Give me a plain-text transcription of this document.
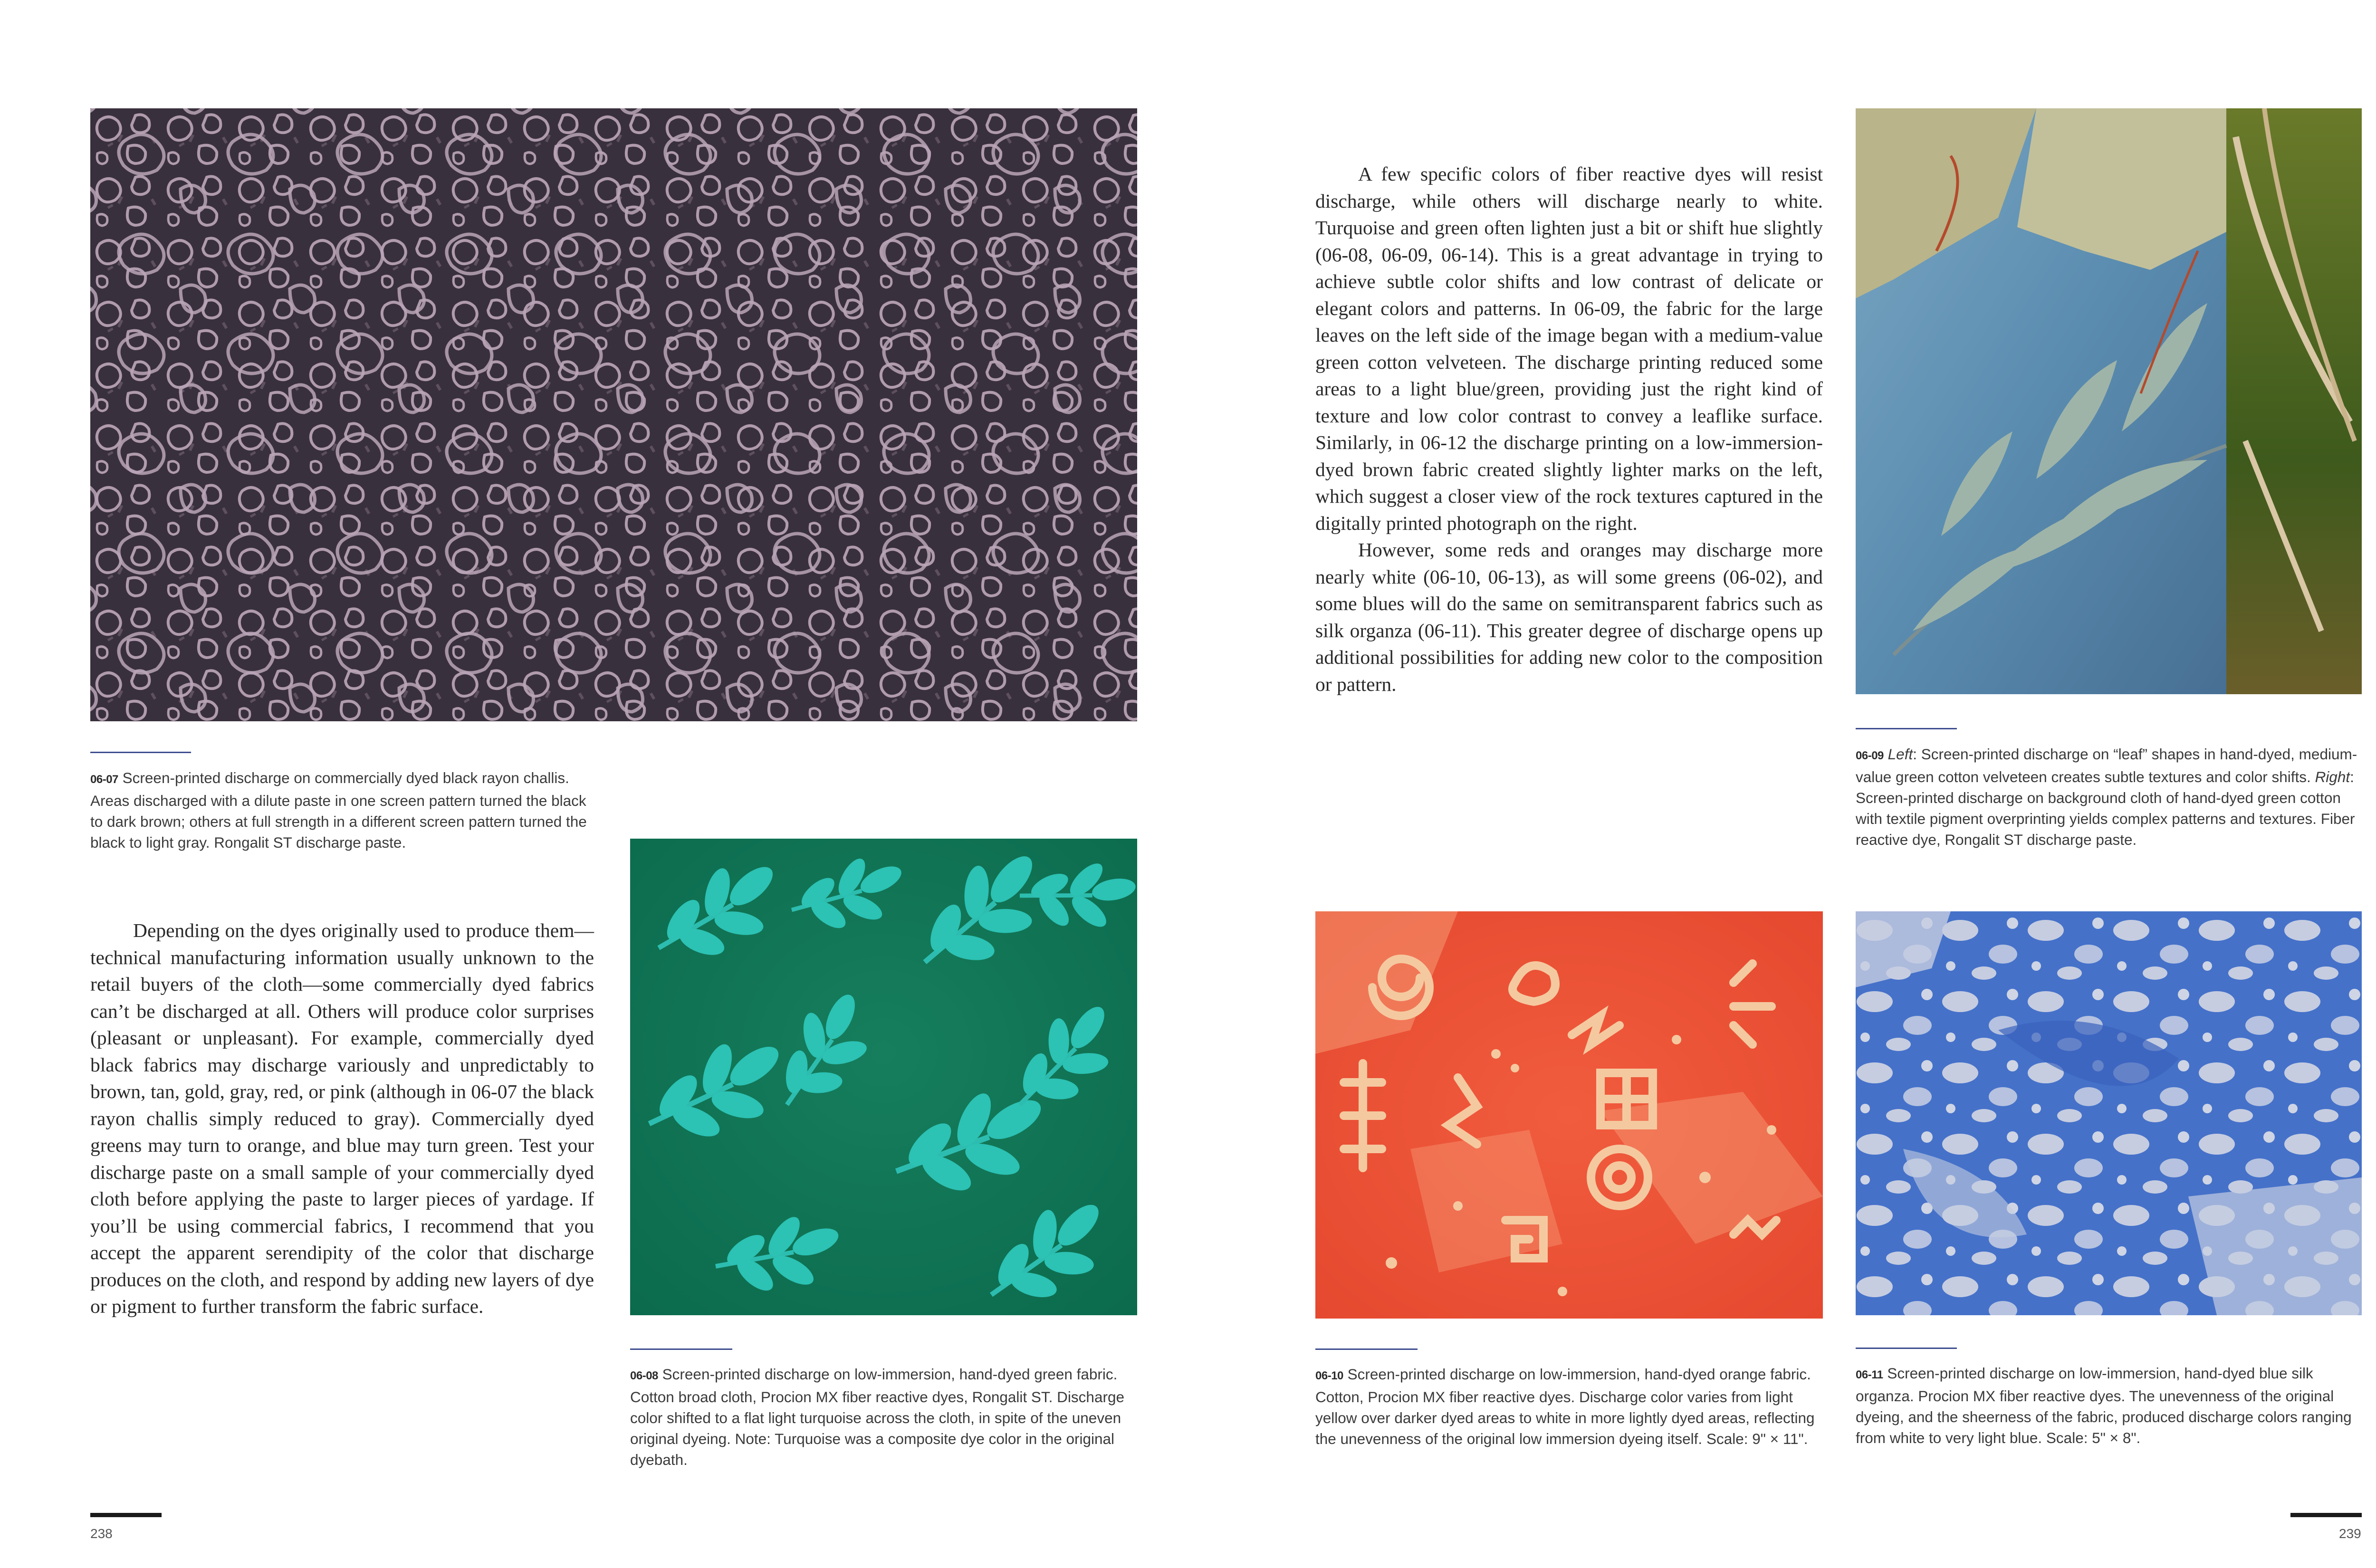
06-07 Screen-printed discharge on commercially dyed black rayon challis. Areas discharged with a dilute paste in one screen pattern turned the black to dark brown; others at full strength in a different screen pattern turned the black to light gray. Rongalit ST discharge paste.

Depending on the dyes originally used to produce them—technical manufacturing information usually unknown to the retail buyers of the cloth—some commercially dyed fabrics can’t be discharged at all. Others will produce color surprises (pleasant or unpleasant). For example, commercially dyed black fabrics may discharge variously and unpredictably to brown, tan, gold, gray, red, or pink (although in 06-07 the black rayon challis simply reduced to gray). Commercially dyed greens may turn to orange, and blue may turn green. Test your discharge paste on a small sample of your commercially dyed cloth before applying the paste to larger pieces of yardage. If you’ll be using commercial fabrics, I recommend that you accept the apparent serendipity of the color that discharge produces on the cloth, and respond by adding new layers of dye or pigment to further transform the fabric surface.

06-08 Screen-printed discharge on low-immersion, hand-dyed green fabric. Cotton broad cloth, Procion MX fiber reactive dyes, Rongalit ST. Discharge color shifted to a flat light turquoise across the cloth, in spite of the uneven original dyeing. Note: Turquoise was a composite dye color in the original dyebath.
238

A few specific colors of fiber reactive dyes will resist discharge, while others will discharge nearly to white. Turquoise and green often lighten just a bit or shift hue slightly (06-08, 06-09, 06-14). This is a great advantage in trying to achieve subtle color shifts and low contrast of delicate or elegant colors and patterns. In 06-09, the fabric for the large leaves on the left side of the image began with a medium-value green cotton velveteen. The discharge printing reduced some areas to a light blue/green, providing just the right kind of texture and low color contrast to convey a leaflike surface. Similarly, in 06-12 the discharge printing on a low-immersion-dyed brown fabric created slightly lighter marks on the left, which suggest a closer view of the rock textures captured in the digitally printed photograph on the right.

However, some reds and oranges may discharge more nearly white (06-10, 06-13), as will some greens (06-02), and some blues will do the same on semitransparent fabrics such as silk organza (06-11). This greater degree of discharge opens up additional possibilities for adding new color to the composition or pattern.

06-09 Left: Screen-printed discharge on “leaf” shapes in hand-dyed, medium-value green cotton velveteen creates subtle textures and color shifts. Right: Screen-printed discharge on background cloth of hand-dyed green cotton with textile pigment overprinting yields complex patterns and textures. Fiber reactive dye, Rongalit ST discharge paste.
06-10 Screen-printed discharge on low-immersion, hand-dyed orange fabric. Cotton, Procion MX fiber reactive dyes. Discharge color varies from light yellow over darker dyed areas to white in more lightly dyed areas, reflecting the unevenness of the original low immersion dyeing itself. Scale: 9" × 11".
06-11 Screen-printed discharge on low-immersion, hand-dyed blue silk organza. Procion MX fiber reactive dyes. The unevenness of the original dyeing, and the sheerness of the fabric, produced discharge colors ranging from white to very light blue. Scale: 5" × 8".
239
